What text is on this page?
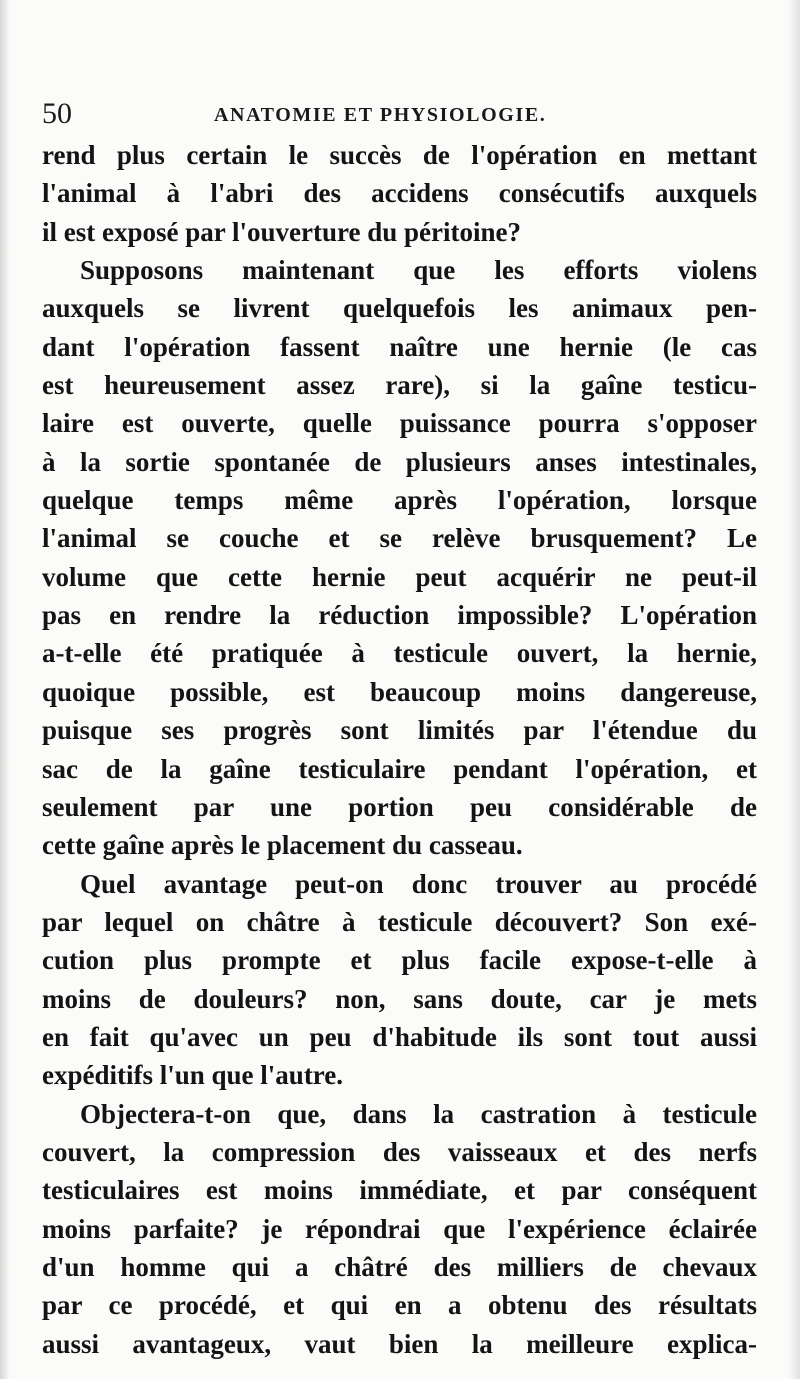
50	ANATOMIE ET PHYSIOLOGIE.
rend plus certain le succès de l'opération en mettant
l'animal à l'abri des accidens consécutifs auxquels
il est exposé par l'ouverture du péritoine?
Supposons maintenant que les efforts violens
auxquels se livrent quelquefois les animaux pen-
dant l'opération fassent naître une hernie (le cas
est heureusement assez rare), si la gaîne testicu-
laire est ouverte, quelle puissance pourra s'opposer
à la sortie spontanée de plusieurs anses intestinales,
quelque temps même après l'opération, lorsque
l'animal se couche et se relève brusquement? Le
volume que cette hernie peut acquérir ne peut-il
pas en rendre la réduction impossible? L'opération
a-t-elle été pratiquée à testicule ouvert, la hernie,
quoique possible, est beaucoup moins dangereuse,
puisque ses progrès sont limités par l'étendue du
sac de la gaîne testiculaire pendant l'opération, et
seulement par une portion peu considérable de
cette gaîne après le placement du casseau.
Quel avantage peut-on donc trouver au procédé
par lequel on châtre à testicule découvert? Son exé-
cution plus prompte et plus facile expose-t-elle à
moins de douleurs? non, sans doute, car je mets
en fait qu'avec un peu d'habitude ils sont tout aussi
expéditifs l'un que l'autre.
Objectera-t-on que, dans la castration à testicule
couvert, la compression des vaisseaux et des nerfs
testiculaires est moins immédiate, et par conséquent
moins parfaite? je répondrai que l'expérience éclairée
d'un homme qui a châtré des milliers de chevaux
par ce procédé, et qui en a obtenu des résultats
aussi avantageux, vaut bien la meilleure explica-
